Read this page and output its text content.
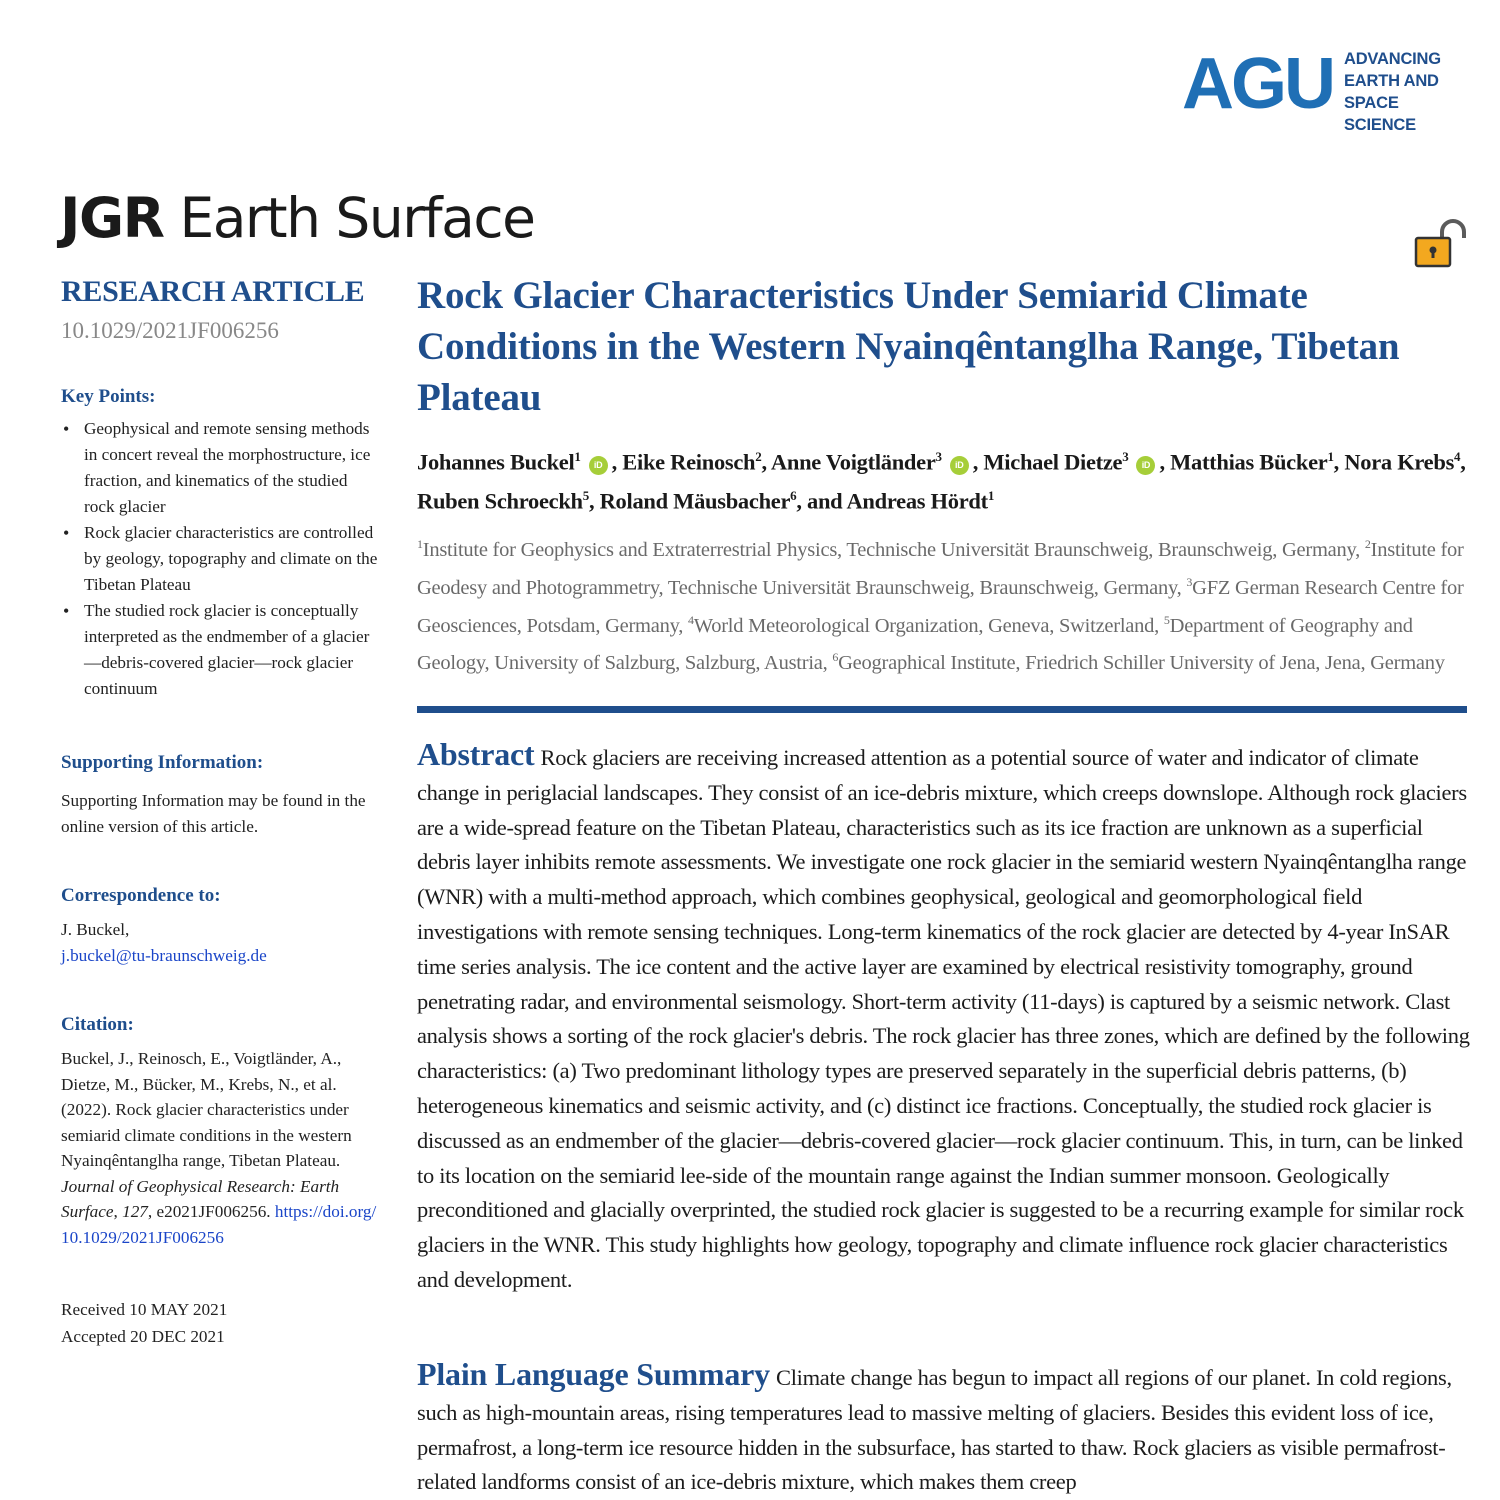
AGU ADVANCING
EARTH AND
SPACE SCIENCE
JGR Earth Surface
RESEARCH ARTICLE
10.1029/2021JF006256
Key Points:
• Geophysical and remote sensing methods in concert reveal the morphostructure, ice fraction, and kinematics of the studied rock glacier
• Rock glacier characteristics are controlled by geology, topography and climate on the Tibetan Plateau
• The studied rock glacier is conceptually interpreted as the endmember of a glacier—debris-covered glacier—rock glacier continuum
Supporting Information:
Supporting Information may be found in the online version of this article.
Correspondence to:
J. Buckel,
j.buckel@tu-braunschweig.de
Citation:
Buckel, J., Reinosch, E., Voigtländer, A., Dietze, M., Bücker, M., Krebs, N., et al. (2022). Rock glacier characteristics under semiarid climate conditions in the western Nyainqêntanglha range, Tibetan Plateau. Journal of Geophysical Research: Earth Surface, 127, e2021JF006256. https://doi.org/10.1029/2021JF006256
Received 10 MAY 2021
Accepted 20 DEC 2021
Rock Glacier Characteristics Under Semiarid Climate Conditions in the Western Nyainqêntanglha Range, Tibetan Plateau
Johannes Buckel$^1$iD , Eike Reinosch$^2$, Anne Voigtländer$^3$iD , Michael Dietze$^3$iD , Matthias Bücker$^1$, Nora Krebs$^4$, Ruben Schroeckh$^5$, Roland Mäusbacher$^6$, and Andreas Hördt$^1$
$^1$Institute for Geophysics and Extraterrestrial Physics, Technische Universität Braunschweig, Braunschweig, Germany, $^2$Institute for Geodesy and Photogrammetry, Technische Universität Braunschweig, Braunschweig, Germany, $^3$GFZ German Research Centre for Geosciences, Potsdam, Germany, $^4$World Meteorological Organization, Geneva, Switzerland, $^5$Department of Geography and Geology, University of Salzburg, Salzburg, Austria, $^6$Geographical Institute, Friedrich Schiller University of Jena, Jena, Germany
Abstract Rock glaciers are receiving increased attention as a potential source of water and indicator of climate change in periglacial landscapes. They consist of an ice-debris mixture, which creeps downslope. Although rock glaciers are a wide-spread feature on the Tibetan Plateau, characteristics such as its ice fraction are unknown as a superficial debris layer inhibits remote assessments. We investigate one rock glacier in the semiarid western Nyainqêntanglha range (WNR) with a multi-method approach, which combines geophysical, geological and geomorphological field investigations with remote sensing techniques. Long-term kinematics of the rock glacier are detected by 4-year InSAR time series analysis. The ice content and the active layer are examined by electrical resistivity tomography, ground penetrating radar, and environmental seismology. Short-term activity (11-days) is captured by a seismic network. Clast analysis shows a sorting of the rock glacier's debris. The rock glacier has three zones, which are defined by the following characteristics: (a) Two predominant lithology types are preserved separately in the superficial debris patterns, (b) heterogeneous kinematics and seismic activity, and (c) distinct ice fractions. Conceptually, the studied rock glacier is discussed as an endmember of the glacier—debris-covered glacier—rock glacier continuum. This, in turn, can be linked to its location on the semiarid lee-side of the mountain range against the Indian summer monsoon. Geologically preconditioned and glacially overprinted, the studied rock glacier is suggested to be a recurring example for similar rock glaciers in the WNR. This study highlights how geology, topography and climate influence rock glacier characteristics and development.
Plain Language Summary Climate change has begun to impact all regions of our planet. In cold regions, such as high-mountain areas, rising temperatures lead to massive melting of glaciers. Besides this evident loss of ice, permafrost, a long-term ice resource hidden in the subsurface, has started to thaw. Rock glaciers as visible permafrost-related landforms consist of an ice-debris mixture, which makes them creep
